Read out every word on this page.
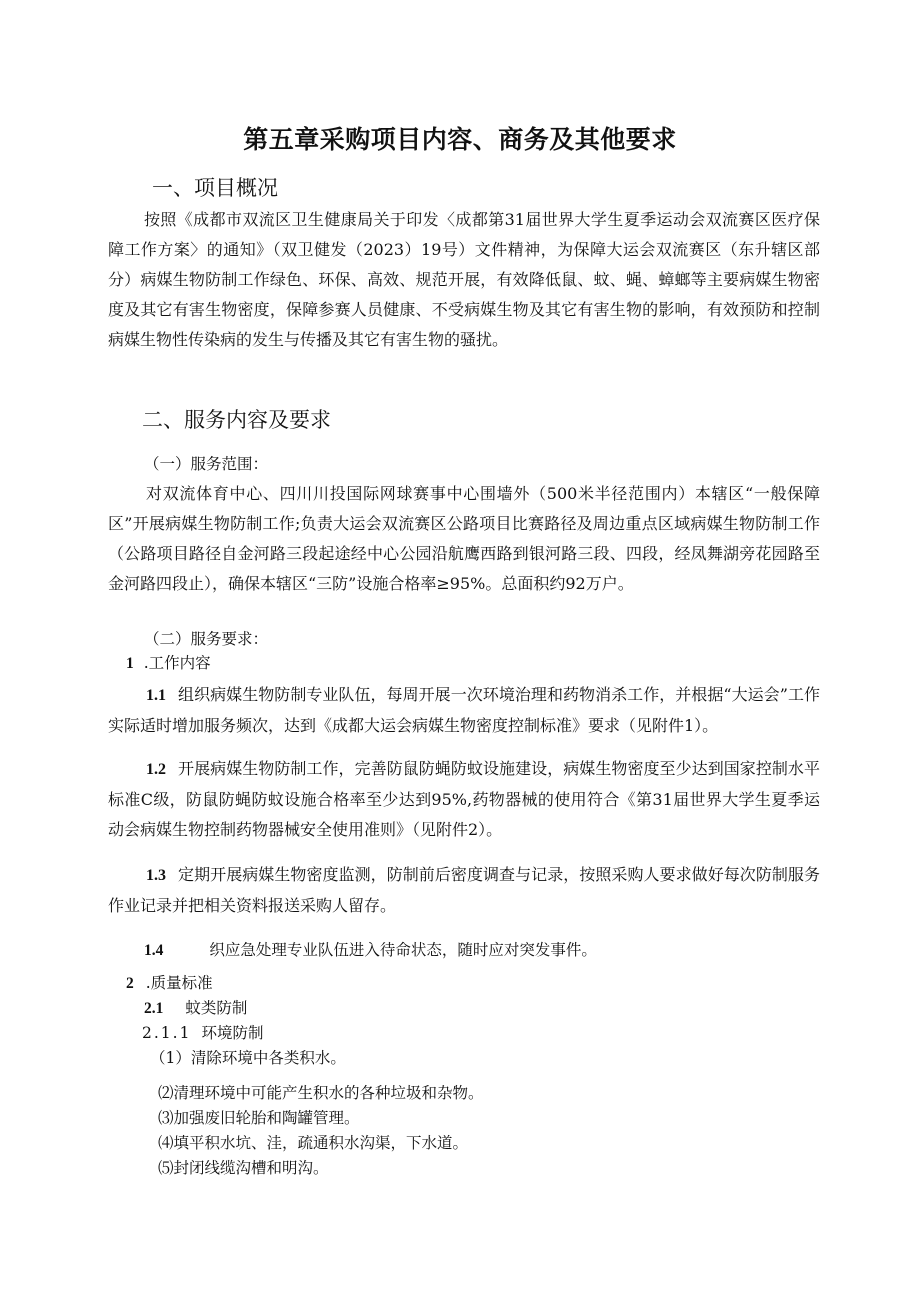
第五章采购项目内容、商务及其他要求
一、项目概况

按照《成都市双流区卫生健康局关于印发〈成都第31届世界大学生夏季运动会双流赛区医疗保障工作方案〉的通知》（双卫健发（2023）19号）文件精神，为保障大运会双流赛区（东升辖区部分）病媒生物防制工作绿色、环保、高效、规范开展，有效降低鼠、蚊、蝇、蟑螂等主要病媒生物密度及其它有害生物密度，保障参赛人员健康、不受病媒生物及其它有害生物的影响，有效预防和控制病媒生物性传染病的发生与传播及其它有害生物的骚扰。

二、服务内容及要求
（一）服务范围：

对双流体育中心、四川川投国际网球赛事中心围墙外（500米半径范围内）本辖区“一般保障区”开展病媒生物防制工作;负责大运会双流赛区公路项目比赛路径及周边重点区域病媒生物防制工作（公路项目路径自金河路三段起途经中心公园沿航鹰西路到银河路三段、四段，经凤舞湖旁花园路至金河路四段止），确保本辖区“三防”设施合格率≥95%。总面积约92万户。

（二）服务要求：
1 .工作内容

1.1 组织病媒生物防制专业队伍，每周开展一次环境治理和药物消杀工作，并根据“大运会”工作实际适时增加服务频次，达到《成都大运会病媒生物密度控制标准》要求（见附件1）。

1.2 开展病媒生物防制工作，完善防鼠防蝇防蚊设施建设，病媒生物密度至少达到国家控制水平标准C级，防鼠防蝇防蚊设施合格率至少达到95%,药物器械的使用符合《第31届世界大学生夏季运动会病媒生物控制药物器械安全使用准则》（见附件2）。

1.3 定期开展病媒生物密度监测，防制前后密度调查与记录，按照采购人要求做好每次防制服务作业记录并把相关资料报送采购人留存。

1.4	织应急处理专业队伍进入待命状态，随时应对突发事件。
2 .质量标准
2.1 蚊类防制
2.1.1 环境防制
（1）清除环境中各类积水。
⑵清理环境中可能产生积水的各种垃圾和杂物。
⑶加强废旧轮胎和陶罐管理。
⑷填平积水坑、洼，疏通积水沟渠，下水道。
⑸封闭线缆沟槽和明沟。
